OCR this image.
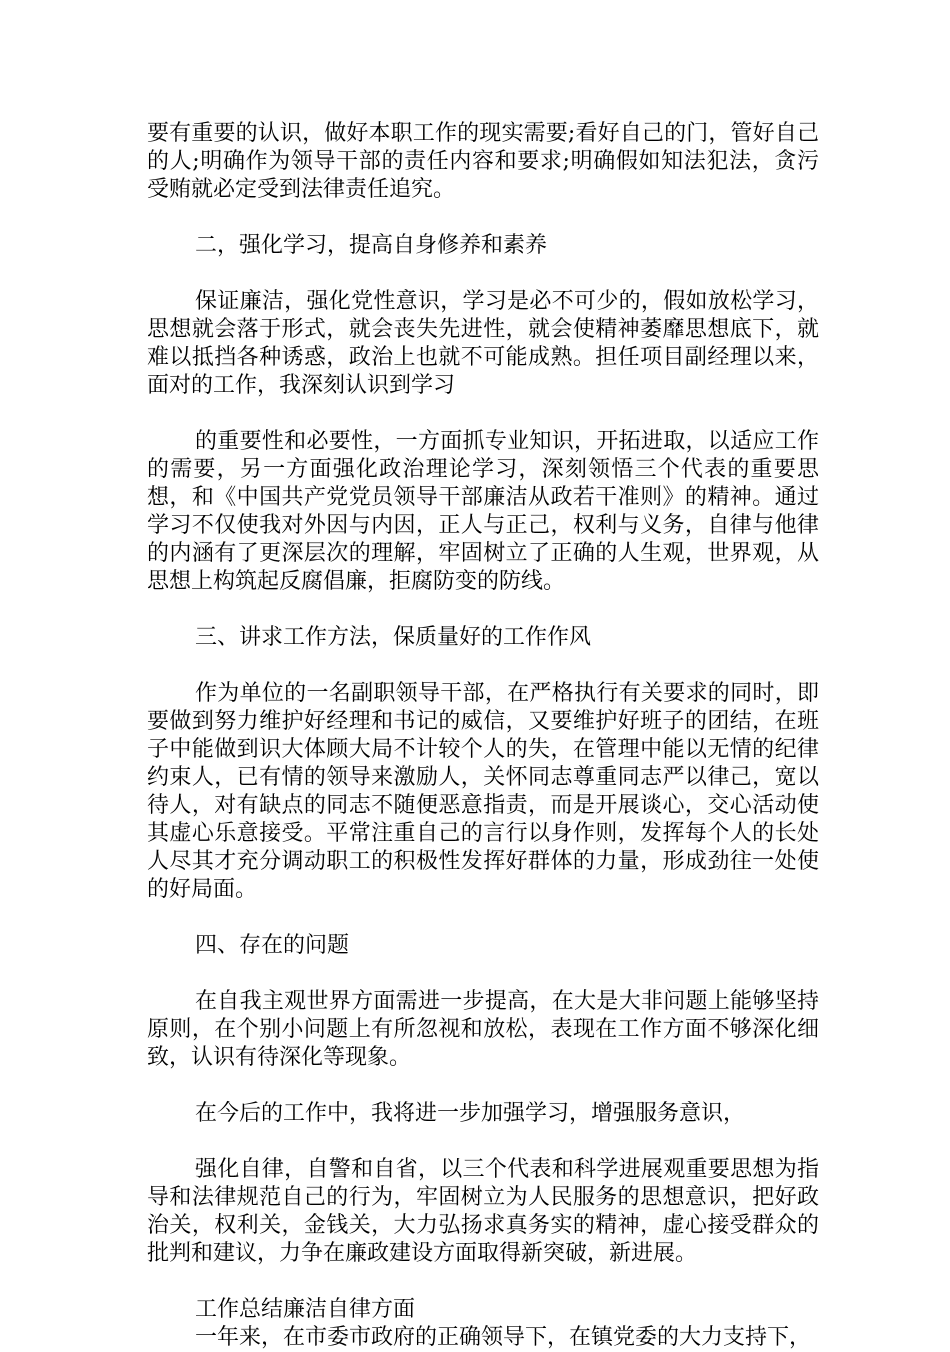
要有重要的认识，做好本职工作的现实需要;看好自己的门，管好自己的人;明确作为领导干部的责任内容和要求;明确假如知法犯法，贪污受贿就必定受到法律责任追究。

二，强化学习，提高自身修养和素养

保证廉洁，强化党性意识，学习是必不可少的，假如放松学习，思想就会落于形式，就会丧失先进性，就会使精神萎靡思想底下，就难以抵挡各种诱惑，政治上也就不可能成熟。担任项目副经理以来，面对的工作，我深刻认识到学习

的重要性和必要性，一方面抓专业知识，开拓进取，以适应工作的需要，另一方面强化政治理论学习，深刻领悟三个代表的重要思想，和《中国共产党党员领导干部廉洁从政若干准则》的精神。通过学习不仅使我对外因与内因，正人与正己，权利与义务，自律与他律的内涵有了更深层次的理解，牢固树立了正确的人生观，世界观，从思想上构筑起反腐倡廉，拒腐防变的防线。

三、讲求工作方法，保质量好的工作作风

作为单位的一名副职领导干部，在严格执行有关要求的同时，即要做到努力维护好经理和书记的威信，又要维护好班子的团结，在班子中能做到识大体顾大局不计较个人的失，在管理中能以无情的纪律约束人，已有情的领导来激励人，关怀同志尊重同志严以律己，宽以待人，对有缺点的同志不随便恶意指责，而是开展谈心，交心活动使其虚心乐意接受。平常注重自己的言行以身作则，发挥每个人的长处人尽其才充分调动职工的积极性发挥好群体的力量，形成劲往一处使的好局面。

四、存在的问题

在自我主观世界方面需进一步提高，在大是大非问题上能够坚持原则，在个别小问题上有所忽视和放松，表现在工作方面不够深化细致，认识有待深化等现象。

在今后的工作中，我将进一步加强学习，增强服务意识，

强化自律，自警和自省，以三个代表和科学进展观重要思想为指导和法律规范自己的行为，牢固树立为人民服务的思想意识，把好政治关，权利关，金钱关，大力弘扬求真务实的精神，虚心接受群众的批判和建议，力争在廉政建设方面取得新突破，新进展。

工作总结廉洁自律方面

一年来，在市委市政府的正确领导下，在镇党委的大力支持下，
